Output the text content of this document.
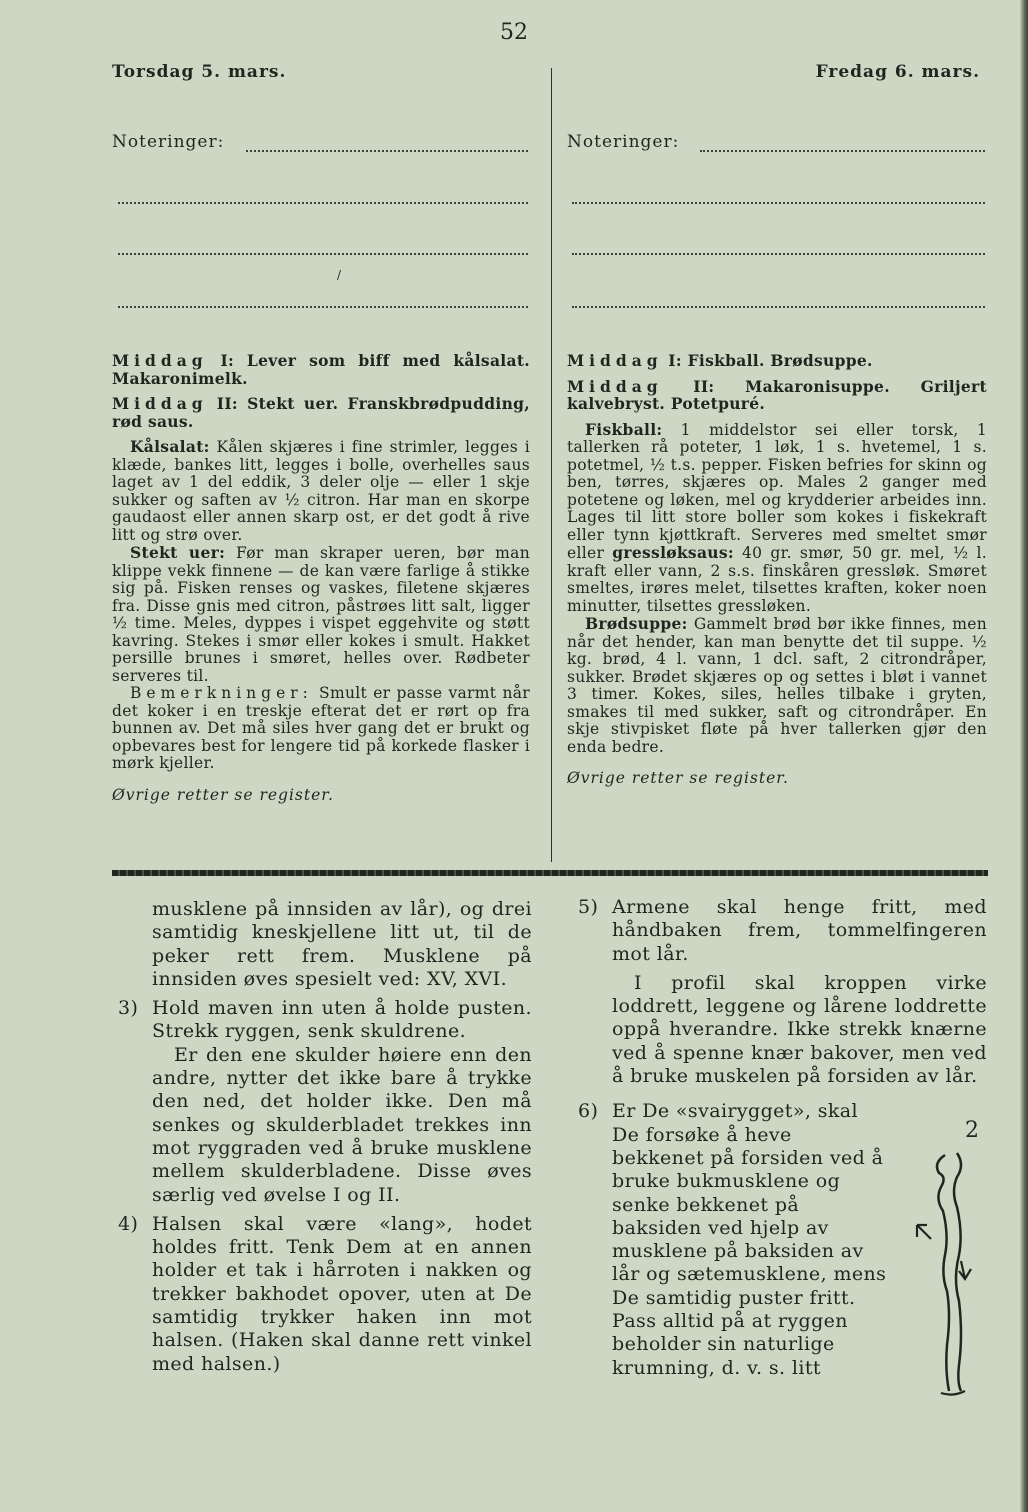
52
Torsdag 5. mars.	Fredag 6. mars.
Noteringer:
/
Noteringer:

Middag I: Lever som biff med kålsalat. Makaronimelk.

Middag II: Stekt uer. Franskbrødpudding, rød saus.

Kålsalat: Kålen skjæres i fine strimler, legges i klæde, bankes litt, legges i bolle, overhelles saus laget av 1 del eddik, 3 deler olje — eller 1 skje sukker og saften av ½ citron. Har man en skorpe gaudaost eller annen skarp ost, er det godt å rive litt og strø over.

Stekt uer: Før man skraper ueren, bør man klippe vekk finnene — de kan være farlige å stikke sig på. Fisken renses og vaskes, filetene skjæres fra. Disse gnis med citron, påstrøes litt salt, ligger ½ time. Meles, dyppes i vispet eggehvite og støtt kavring. Stekes i smør eller kokes i smult. Hakket persille brunes i smøret, helles over. Rødbeter serveres til.

Bemerkninger: Smult er passe varmt når det koker i en treskje efterat det er rørt op fra bunnen av. Det må siles hver gang det er brukt og opbevares best for lengere tid på korkede flasker i mørk kjeller.

Øvrige retter se register.

Middag I: Fiskball. Brødsuppe.

Middag II: Makaronisuppe. Griljert kalvebryst. Potetpuré.

Fiskball: 1 middelstor sei eller torsk, 1 tallerken rå poteter, 1 løk, 1 s. hvetemel, 1 s. potetmel, ½ t.s. pepper. Fisken befries for skinn og ben, tørres, skjæres op. Males 2 ganger med potetene og løken, mel og krydderier arbeides inn. Lages til litt store boller som kokes i fiskekraft eller tynn kjøttkraft. Serveres med smeltet smør eller gressløksaus: 40 gr. smør, 50 gr. mel, ½ l. kraft eller vann, 2 s.s. finskåren gressløk. Smøret smeltes, irøres melet, tilsettes kraften, koker noen minutter, tilsettes gressløken.

Brødsuppe: Gammelt brød bør ikke finnes, men når det hender, kan man benytte det til suppe. ½ kg. brød, 4 l. vann, 1 dcl. saft, 2 citrondråper, sukker. Brødet skjæres op og settes i bløt i vannet 3 timer. Kokes, siles, helles tilbake i gryten, smakes til med sukker, saft og citrondråper. En skje stivpisket fløte på hver tallerken gjør den enda bedre.

Øvrige retter se register.

musklene på innsiden av lår), og drei samtidig kneskjellene litt ut, til de peker rett frem. Musklene på innsiden øves spesielt ved: XV, XVI.

3) Hold maven inn uten å holde pusten. Strekk ryggen, senk skuldrene.

Er den ene skulder høiere enn den andre, nytter det ikke bare å trykke den ned, det holder ikke. Den må senkes og skulderbladet trekkes inn mot ryggraden ved å bruke musklene mellem skulderbladene. Disse øves særlig ved øvelse I og II.

4) Halsen skal være «lang», hodet holdes fritt. Tenk Dem at en annen holder et tak i hårroten i nakken og trekker bakhodet opover, uten at De samtidig trykker haken inn mot halsen. (Haken skal danne rett vinkel med halsen.)

5) Armene skal henge fritt, med håndbaken frem, tommelfingeren mot lår.

I profil skal kroppen virke loddrett, leggene og lårene loddrette oppå hverandre. Ikke strekk knærne ved å spenne knær bakover, men ved å bruke muskelen på forsiden av lår.

6) Er De «svairygget», skal De forsøke å heve bekkenet på forsiden ved å bruke bukmusklene og senke bekkenet på baksiden ved hjelp av musklene på baksiden av lår og sætemusklene, mens De samtidig puster fritt. Pass alltid på at ryggen beholder sin naturlige krumning, d. v. s. litt

2
